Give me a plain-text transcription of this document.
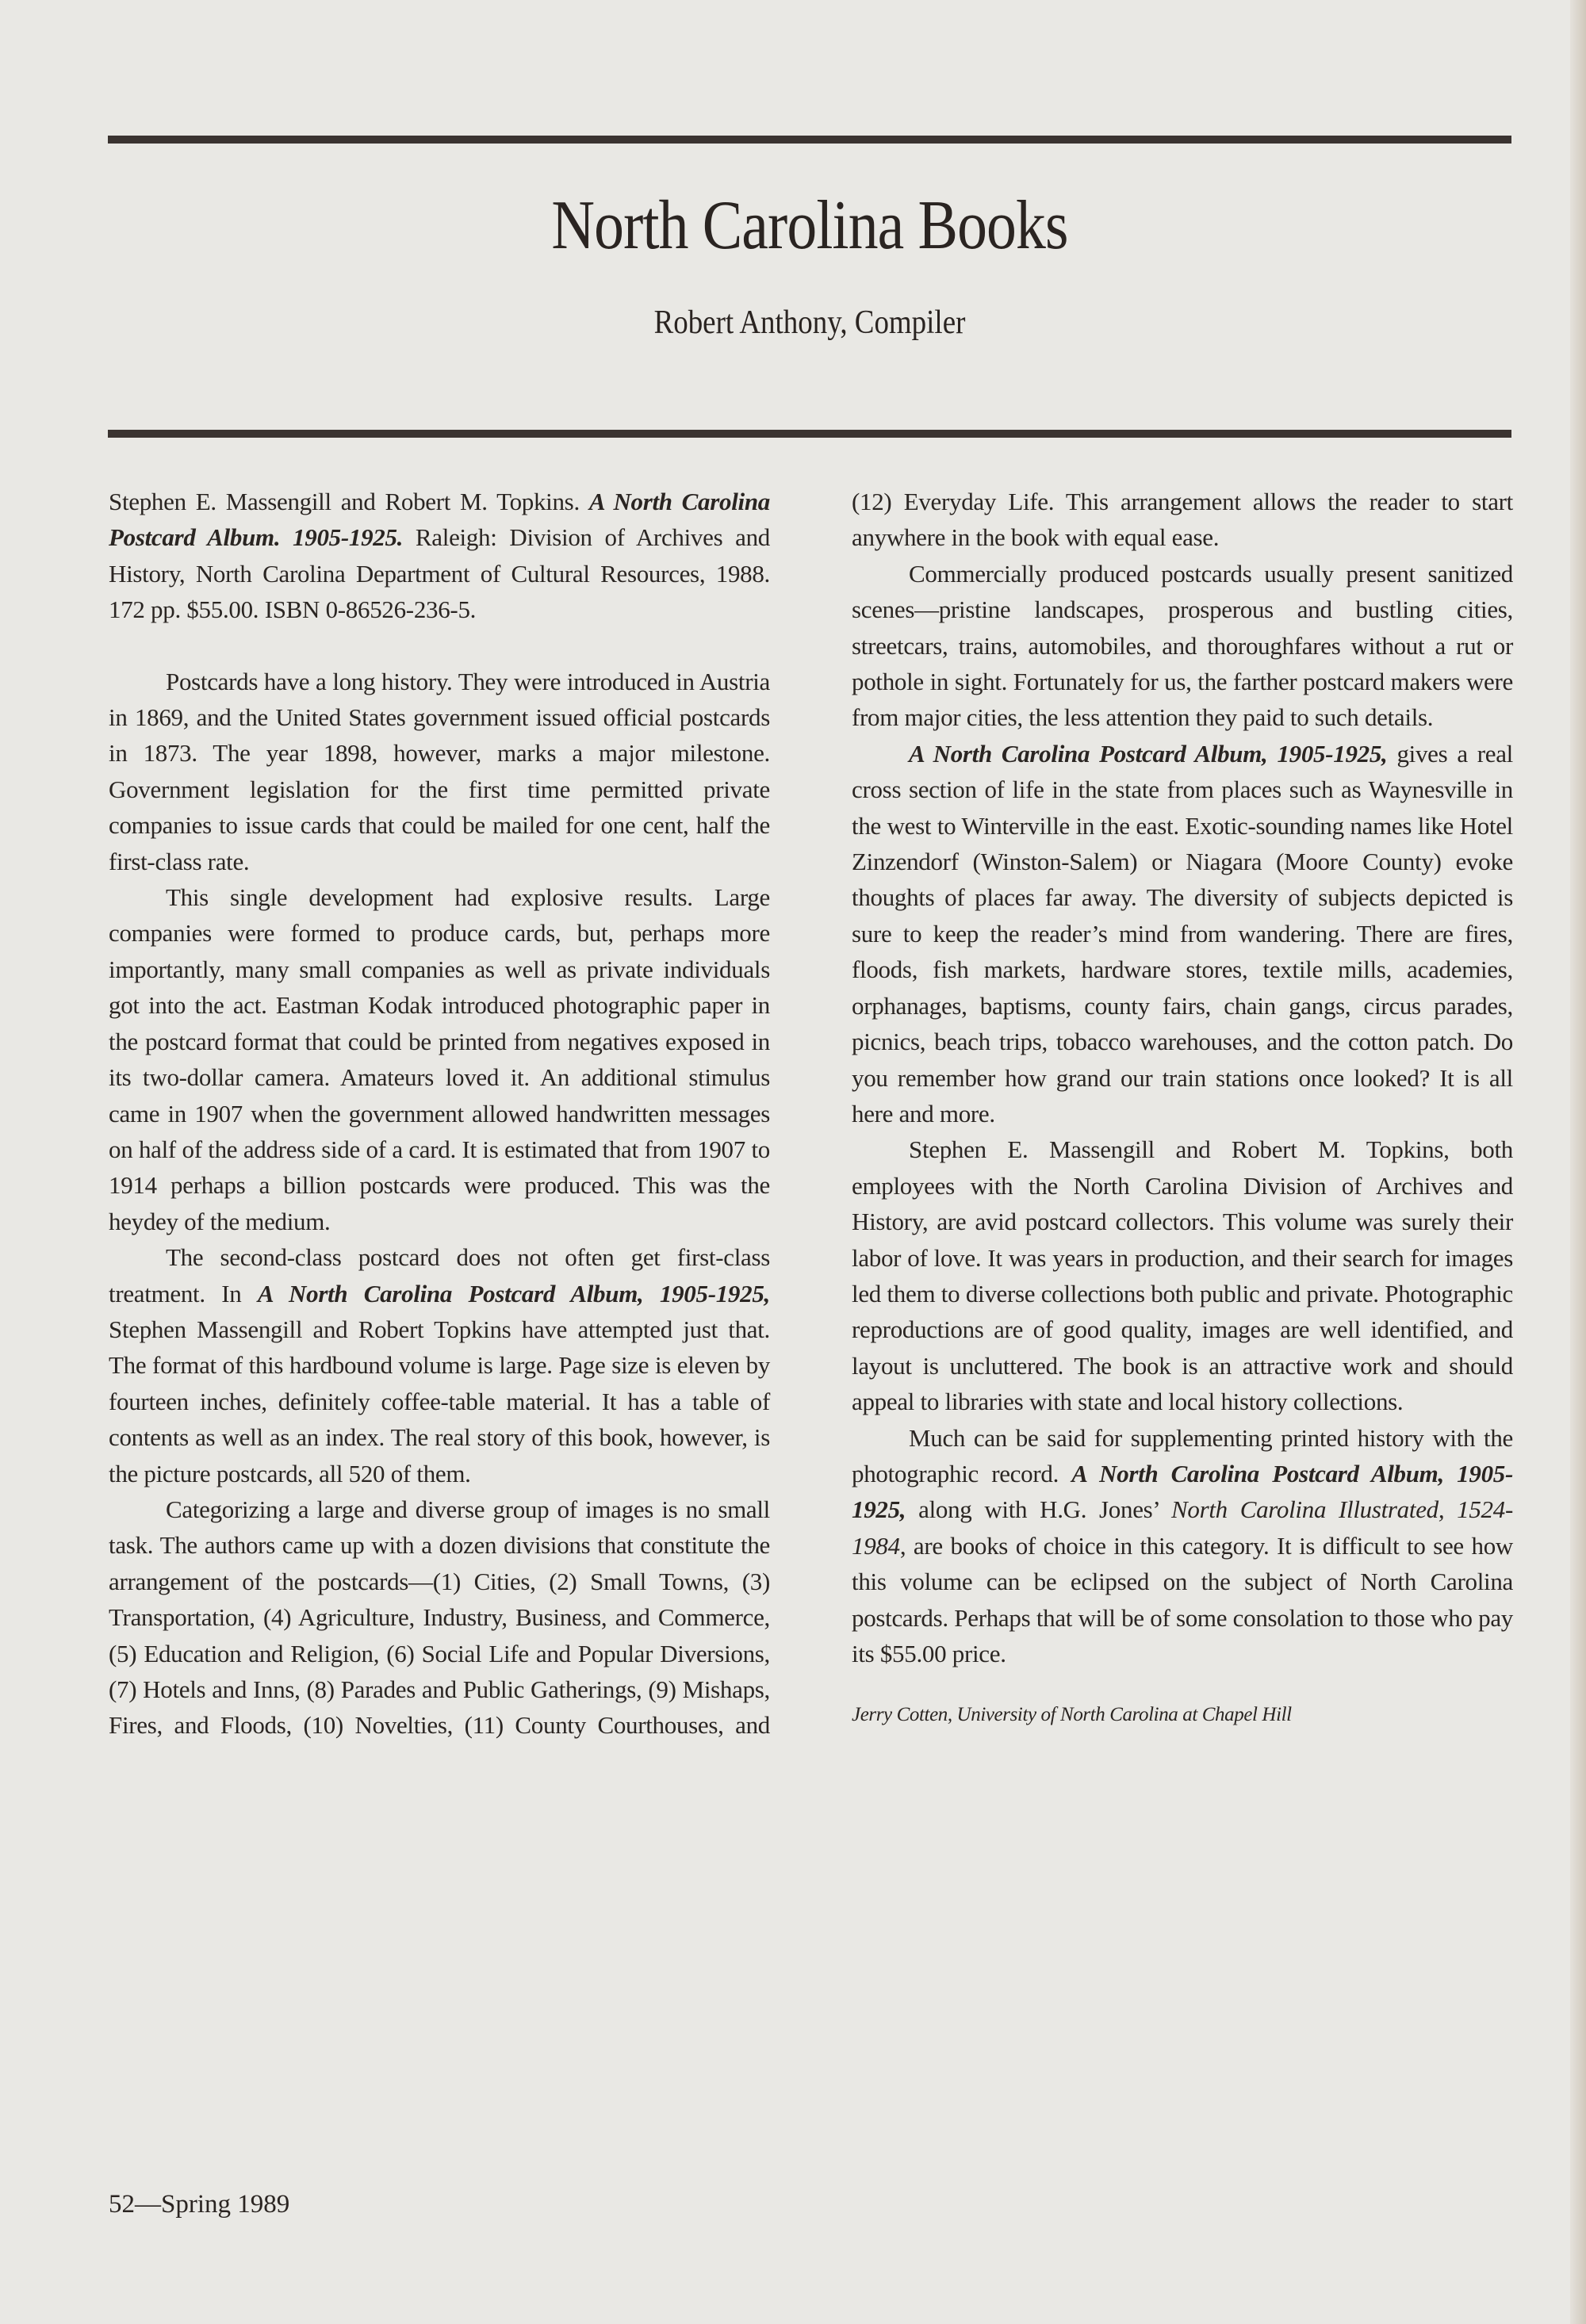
North Carolina Books
Robert Anthony, Compiler

Stephen E. Massengill and Robert M. Topkins. A North Carolina Postcard Album. 1905-1925. Raleigh: Division of Archives and History, North Carolina Department of Cultural Resources, 1988. 172 pp. $55.00. ISBN 0-86526-236-5.

Postcards have a long history. They were introduced in Austria in 1869, and the United States government issued official postcards in 1873. The year 1898, however, marks a major milestone. Government legislation for the first time permitted private companies to issue cards that could be mailed for one cent, half the first-class rate.

This single development had explosive results. Large companies were formed to produce cards, but, perhaps more importantly, many small companies as well as private individuals got into the act. Eastman Kodak introduced photographic paper in the postcard format that could be printed from negatives exposed in its two-dollar camera. Amateurs loved it. An additional stimulus came in 1907 when the government allowed handwritten messages on half of the address side of a card. It is estimated that from 1907 to 1914 perhaps a billion postcards were produced. This was the heydey of the medium.

The second-class postcard does not often get first-class treatment. In A North Carolina Postcard Album, 1905-1925, Stephen Massengill and Robert Topkins have attempted just that. The format of this hardbound volume is large. Page size is eleven by fourteen inches, definitely coffee-table material. It has a table of contents as well as an index. The real story of this book, however, is the picture postcards, all 520 of them.

Categorizing a large and diverse group of images is no small task. The authors came up with a dozen divisions that constitute the arrangement of the postcards—(1) Cities, (2) Small Towns, (3) Transportation, (4) Agriculture, Industry, Business, and Commerce, (5) Education and Religion, (6) Social Life and Popular Diversions, (7) Hotels and Inns, (8) Parades and Public Gatherings, (9) Mishaps, Fires, and Floods, (10) Novelties, (11) County Courthouses, and

(12) Everyday Life. This arrangement allows the reader to start anywhere in the book with equal ease.

Commercially produced postcards usually present sanitized scenes—pristine landscapes, prosperous and bustling cities, streetcars, trains, automobiles, and thoroughfares without a rut or pothole in sight. Fortunately for us, the farther postcard makers were from major cities, the less attention they paid to such details.

A North Carolina Postcard Album, 1905-1925, gives a real cross section of life in the state from places such as Waynesville in the west to Winterville in the east. Exotic-sounding names like Hotel Zinzendorf (Winston-Salem) or Niagara (Moore County) evoke thoughts of places far away. The diversity of subjects depicted is sure to keep the reader’s mind from wandering. There are fires, floods, fish markets, hardware stores, textile mills, academies, orphanages, baptisms, county fairs, chain gangs, circus parades, picnics, beach trips, tobacco warehouses, and the cotton patch. Do you remember how grand our train stations once looked? It is all here and more.

Stephen E. Massengill and Robert M. Topkins, both employees with the North Carolina Division of Archives and History, are avid postcard collectors. This volume was surely their labor of love. It was years in production, and their search for images led them to diverse collections both public and private. Photographic reproductions are of good quality, images are well identified, and layout is uncluttered. The book is an attractive work and should appeal to libraries with state and local history collections.

Much can be said for supplementing printed history with the photographic record. A North Carolina Postcard Album, 1905-1925, along with H.G. Jones’ North Carolina Illustrated, 1524-1984, are books of choice in this category. It is difficult to see how this volume can be eclipsed on the subject of North Carolina postcards. Perhaps that will be of some consolation to those who pay its $55.00 price.

Jerry Cotten, University of North Carolina at Chapel Hill
52—Spring 1989
